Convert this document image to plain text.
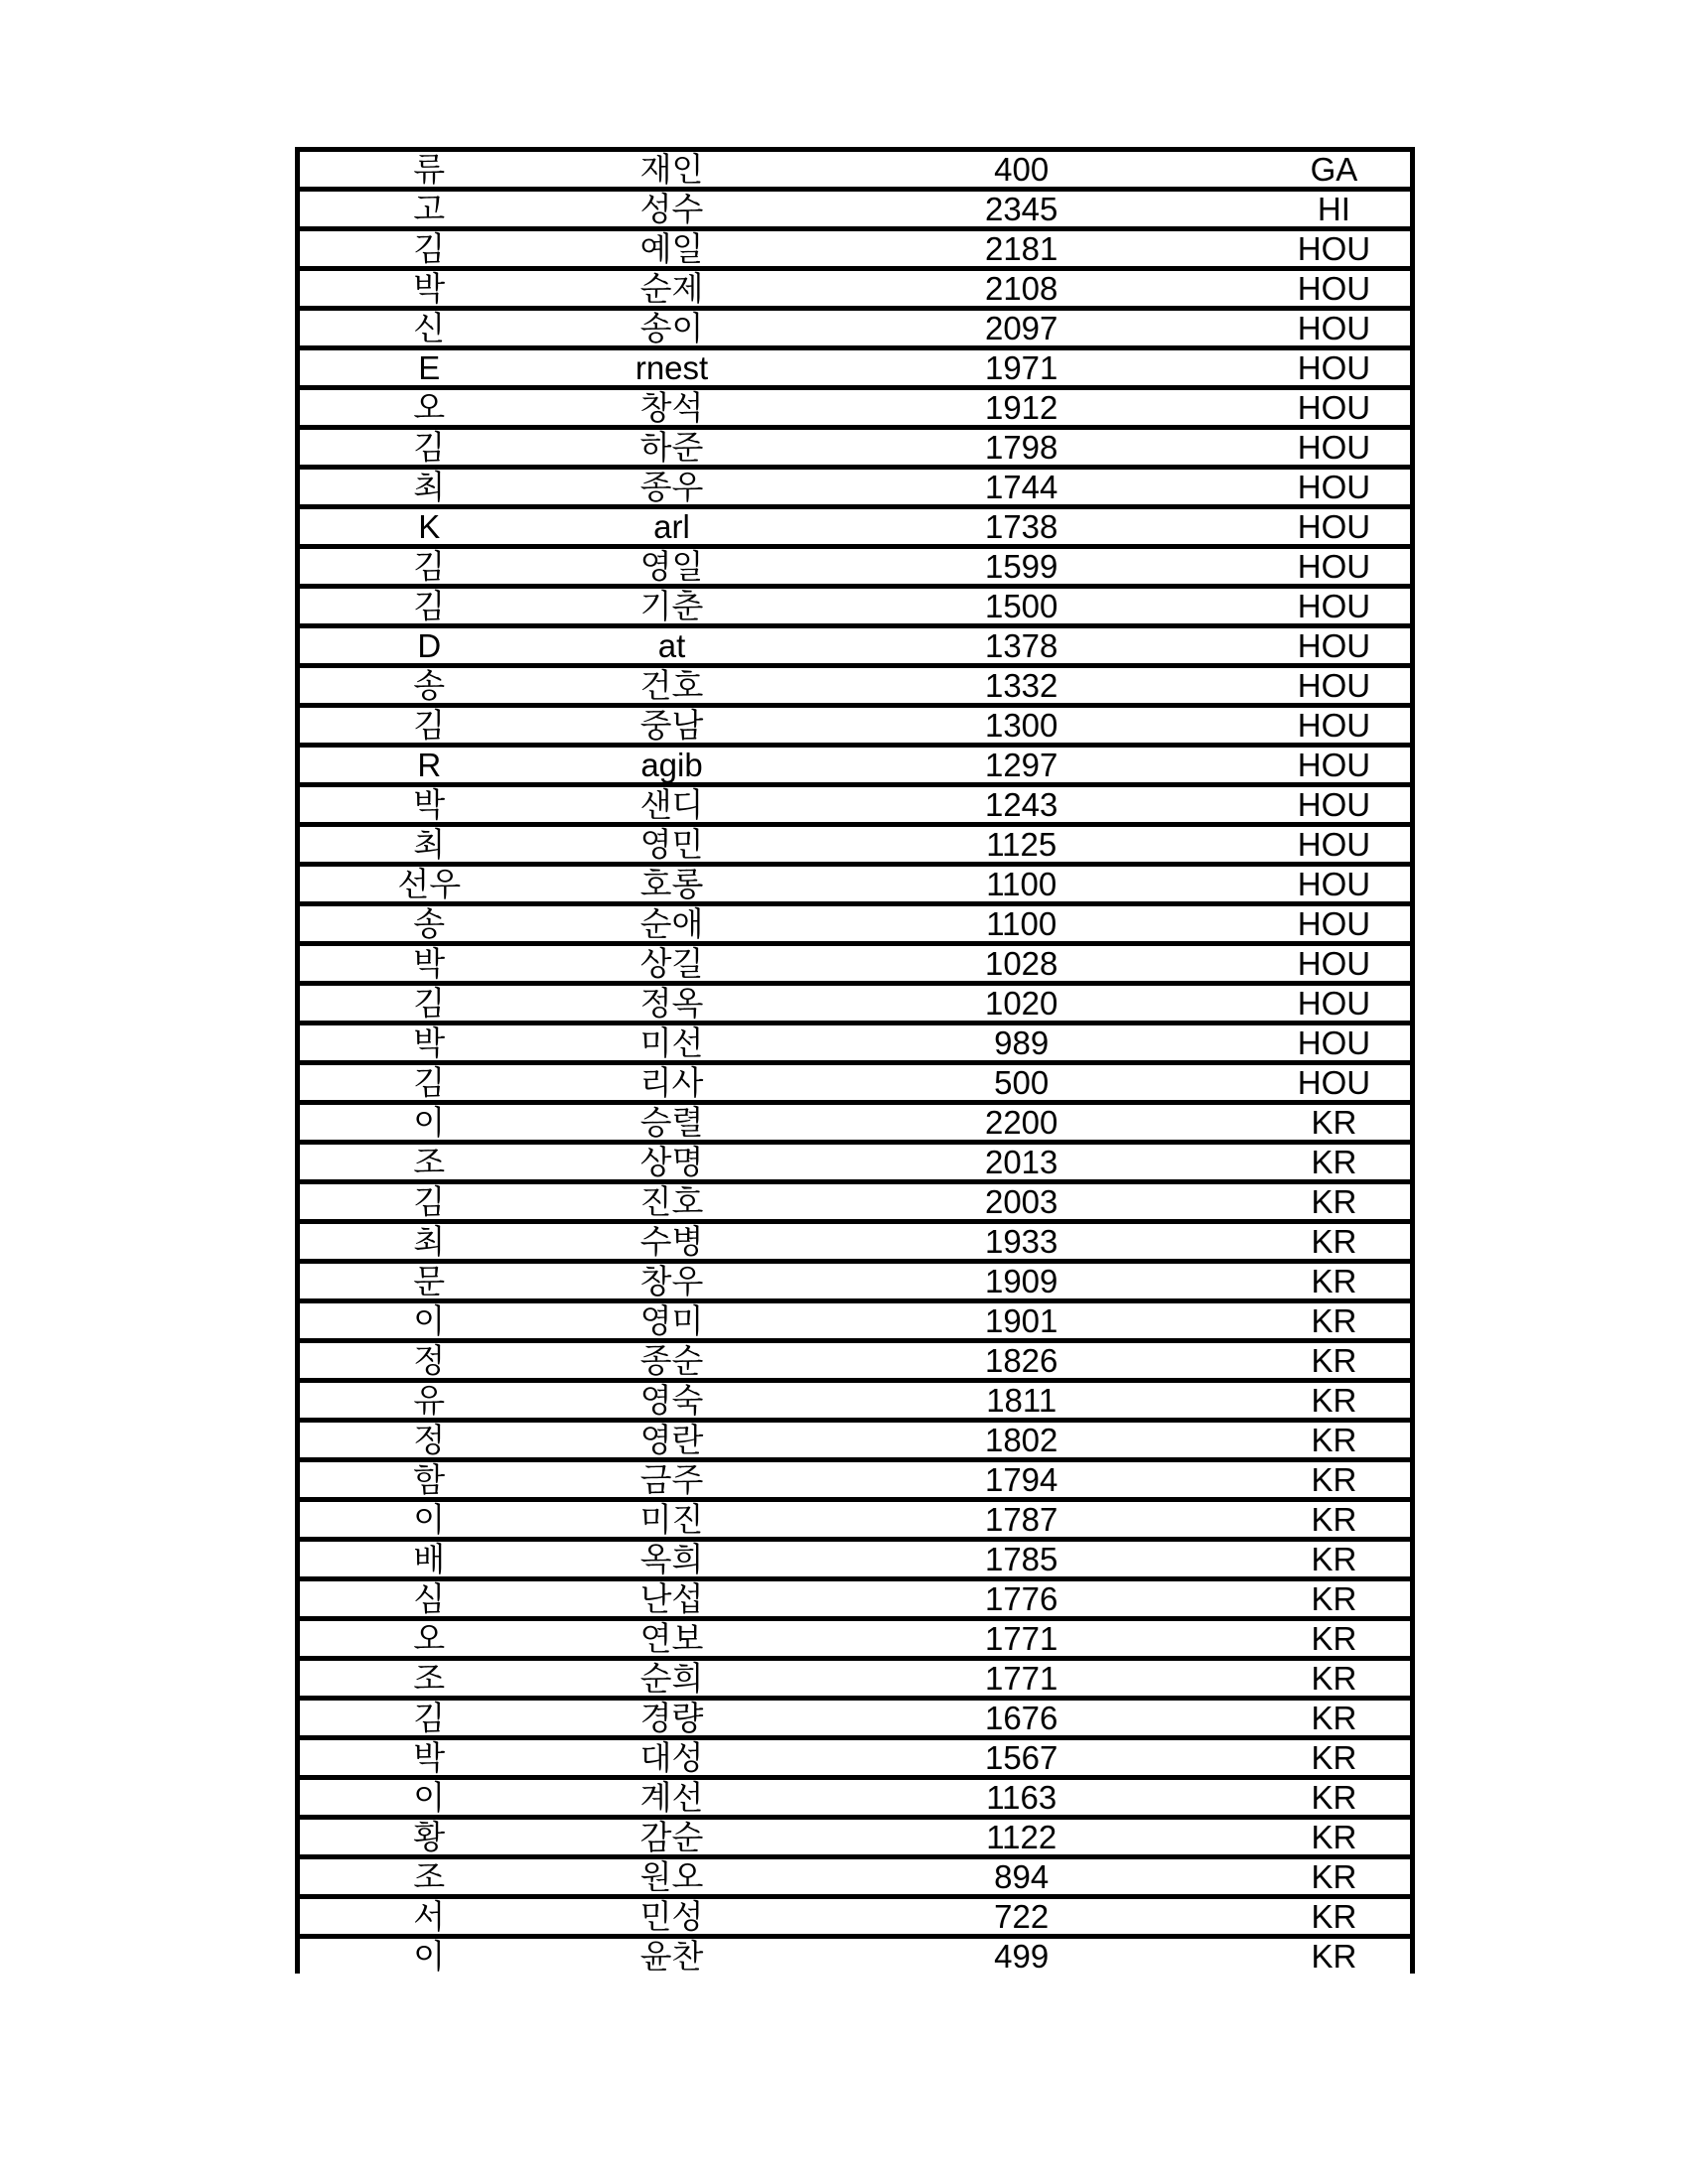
류	재인	400	GA
고	성수	2345	HI
김	예일	2181	HOU
박	순제	2108	HOU
신	송이	2097	HOU
E	rnest	1971	HOU
오	창석	1912	HOU
김	하준	1798	HOU
최	종우	1744	HOU
K	arl	1738	HOU
김	영일	1599	HOU
김	기춘	1500	HOU
D	at	1378	HOU
송	건호	1332	HOU
김	중남	1300	HOU
R	agib	1297	HOU
박	샌디	1243	HOU
최	영민	1125	HOU
선우	호롱	1100	HOU
송	순애	1100	HOU
박	상길	1028	HOU
김	정옥	1020	HOU
박	미선	989	HOU
김	리사	500	HOU
이	승렬	2200	KR
조	상명	2013	KR
김	진호	2003	KR
최	수병	1933	KR
문	창우	1909	KR
이	영미	1901	KR
정	종순	1826	KR
유	영숙	1811	KR
정	영란	1802	KR
함	금주	1794	KR
이	미진	1787	KR
배	옥희	1785	KR
심	난섭	1776	KR
오	연보	1771	KR
조	순희	1771	KR
김	경량	1676	KR
박	대성	1567	KR
이	계선	1163	KR
황	감순	1122	KR
조	원오	894	KR
서	민성	722	KR
이	윤찬	499	KR
